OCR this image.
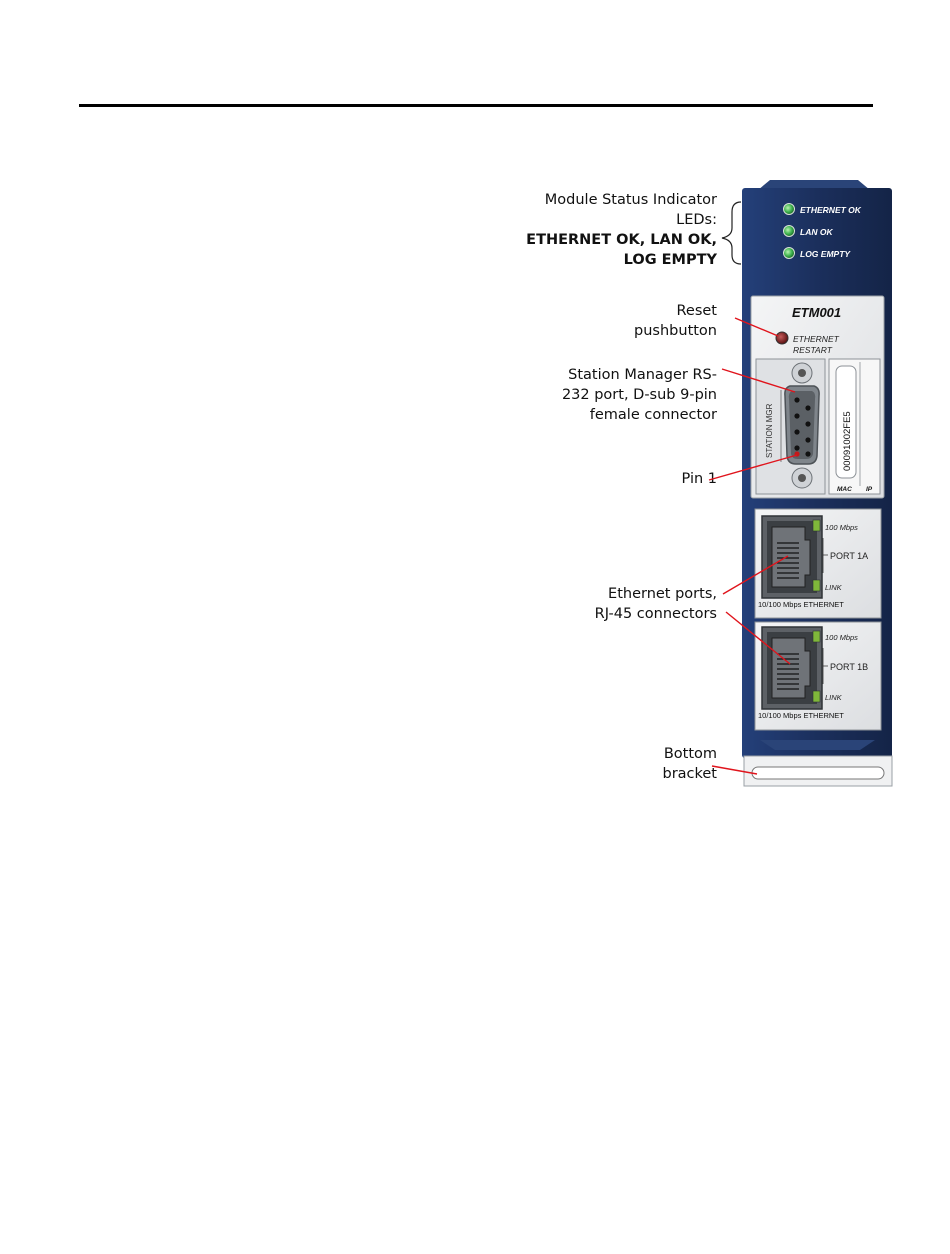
Module Status Indicator
LEDs:
ETHERNET OK, LAN OK,
LOG EMPTY
Reset
pushbutton
Station Manager RS-
232 port, D-sub 9-pin
female connector
Pin 1
Ethernet ports,
RJ-45 connectors
Bottom
bracket
ETHERNET OK
LAN OK
LOG EMPTY
ETM001
ETHERNET
RESTART
STATION MGR	00091002FE5
MAC IP
100 Mbps
PORT 1A
LINK
10/100 Mbps ETHERNET
100 Mbps
PORT 1B
LINK
10/100 Mbps ETHERNET
